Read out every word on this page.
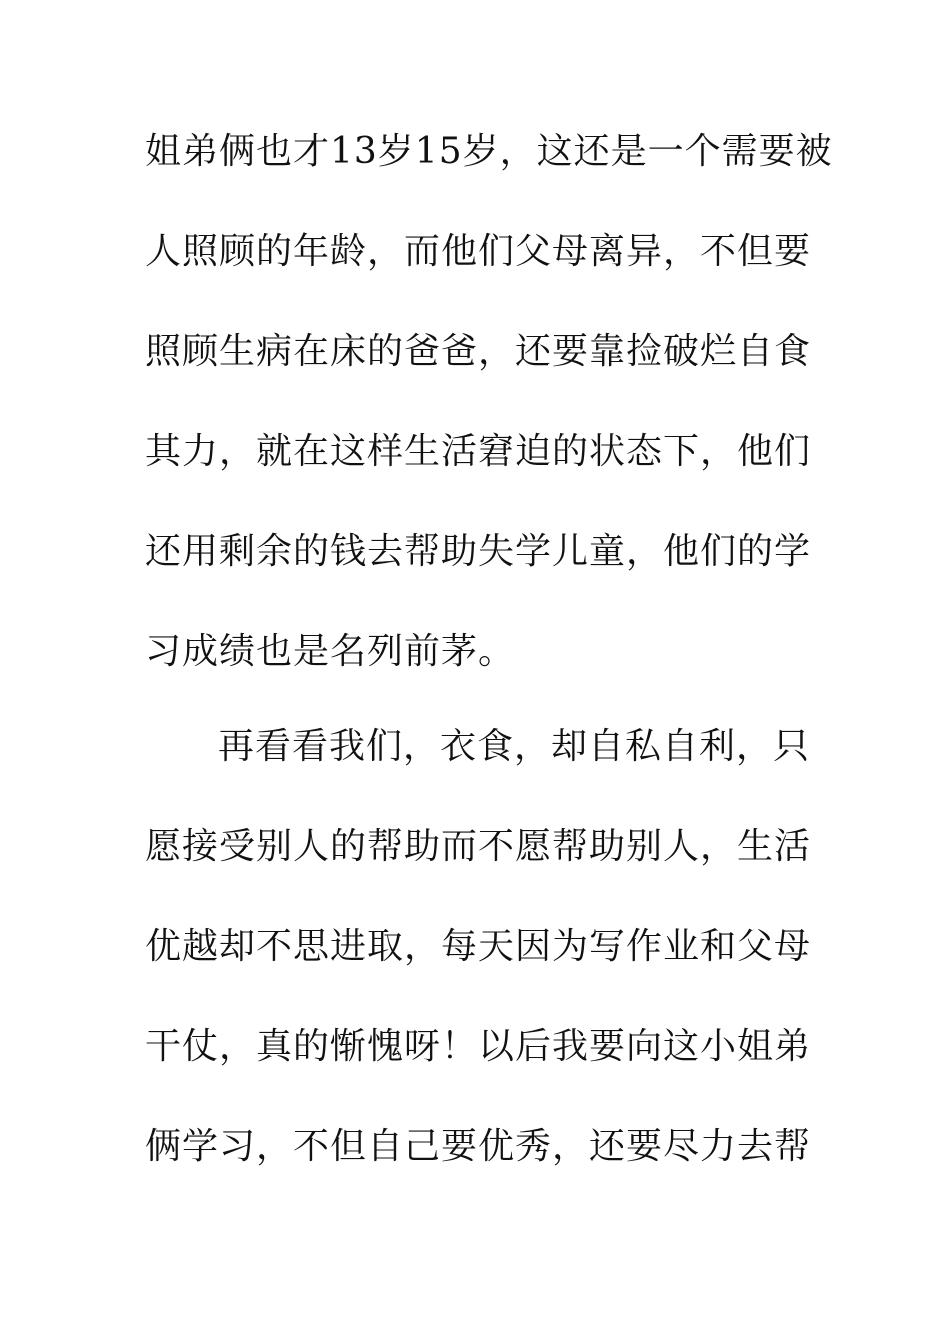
姐弟俩也才13岁15岁，这还是一个需要被
人照顾的年龄，而他们父母离异，不但要
照顾生病在床的爸爸，还要靠捡破烂自食
其力，就在这样生活窘迫的状态下，他们
还用剩余的钱去帮助失学儿童，他们的学
习成绩也是名列前茅。
再看看我们，衣食，却自私自利，只
愿接受别人的帮助而不愿帮助别人，生活
优越却不思进取，每天因为写作业和父母
干仗，真的惭愧呀！以后我要向这小姐弟
俩学习，不但自己要优秀，还要尽力去帮
